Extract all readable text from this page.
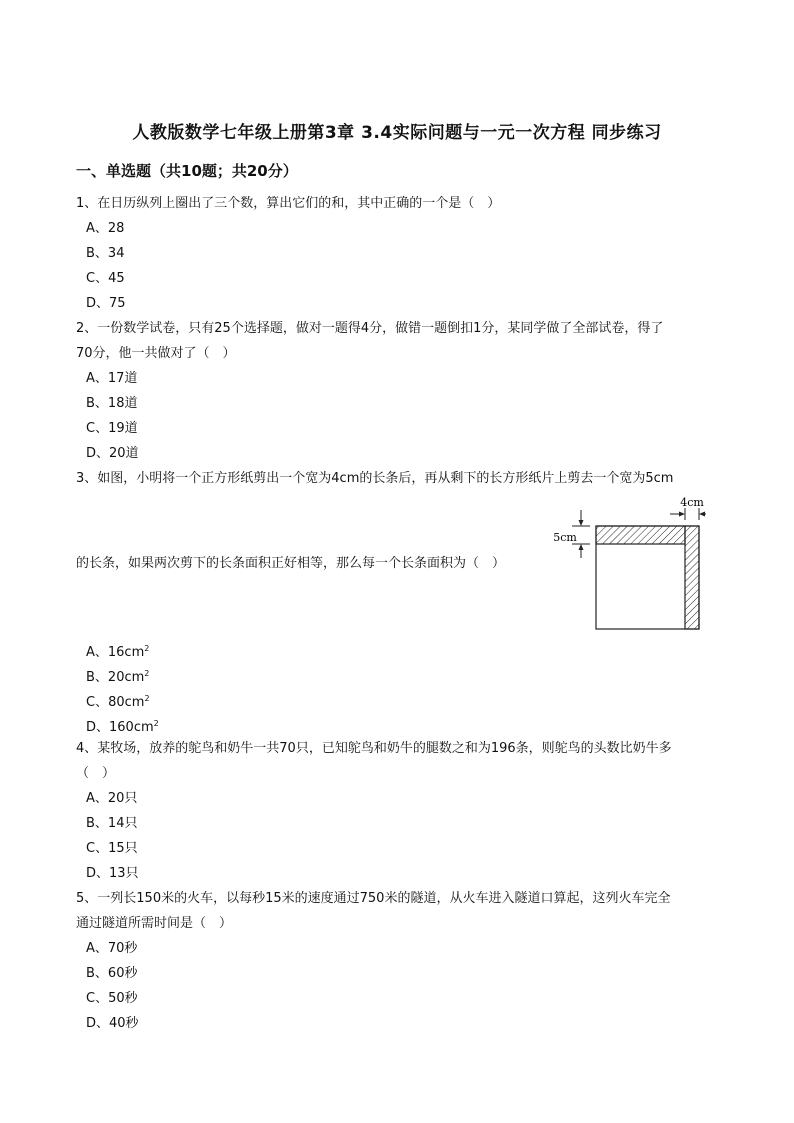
人教版数学七年级上册第3章 3.4实际问题与一元一次方程 同步练习
一、单选题（共10题；共20分）
1、在日历纵列上圈出了三个数，算出它们的和，其中正确的一个是（　）
A、28
B、34
C、45
D、75
2、一份数学试卷，只有25个选择题，做对一题得4分，做错一题倒扣1分，某同学做了全部试卷，得了
70分，他一共做对了（　）
A、17道
B、18道
C、19道
D、20道
3、如图，小明将一个正方形纸剪出一个宽为4cm的长条后，再从剩下的长方形纸片上剪去一个宽为5cm
的长条，如果两次剪下的长条面积正好相等，那么每一个长条面积为（　）
4cm
5cm
A、$16cm^2$
B、$20cm^2$
C、$80cm^2$
D、$160cm^2$
4、某牧场，放养的鸵鸟和奶牛一共70只，已知鸵鸟和奶牛的腿数之和为196条，则鸵鸟的头数比奶牛多
（　）
A、20只
B、14只
C、15只
D、13只
5、一列长150米的火车，以每秒15米的速度通过750米的隧道，从火车进入隧道口算起，这列火车完全
通过隧道所需时间是（　）
A、70秒
B、60秒
C、50秒
D、40秒
